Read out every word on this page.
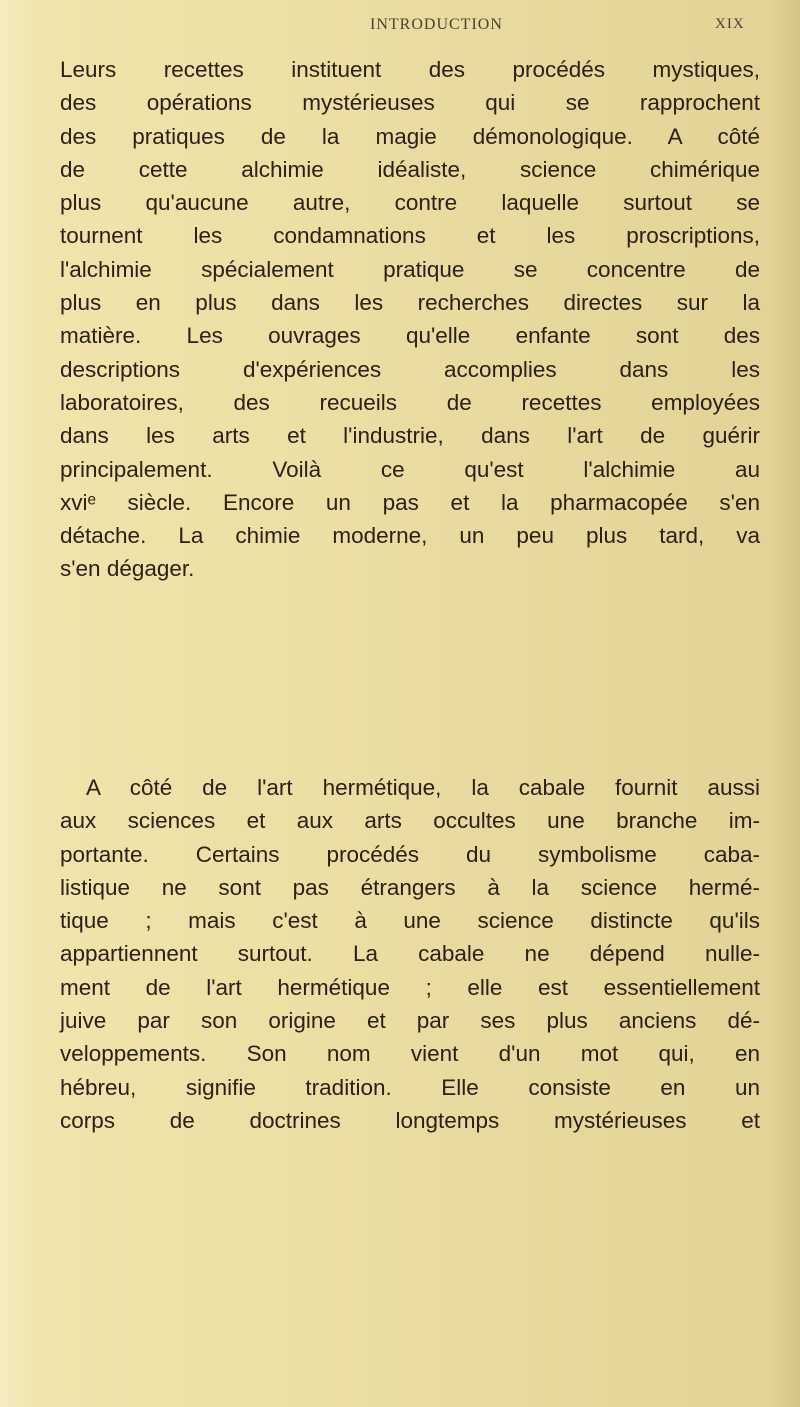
INTRODUCTION	XIX
Leurs recettes instituent des procédés mystiques,
des opérations mystérieuses qui se rapprochent
des pratiques de la magie démonologique. A côté
de cette alchimie idéaliste, science chimérique
plus qu'aucune autre, contre laquelle surtout se
tournent les condamnations et les proscriptions,
l'alchimie spécialement pratique se concentre de
plus en plus dans les recherches directes sur la
matière. Les ouvrages qu'elle enfante sont des
descriptions d'expériences accomplies dans les
laboratoires, des recueils de recettes employées
dans les arts et l'industrie, dans l'art de guérir
principalement. Voilà ce qu'est l'alchimie au
xviᵉ siècle. Encore un pas et la pharmacopée s'en
détache. La chimie moderne, un peu plus tard, va
s'en dégager.
A côté de l'art hermétique, la cabale fournit aussi
aux sciences et aux arts occultes une branche im-
portante. Certains procédés du symbolisme caba-
listique ne sont pas étrangers à la science hermé-
tique ; mais c'est à une science distincte qu'ils
appartiennent surtout. La cabale ne dépend nulle-
ment de l'art hermétique ; elle est essentiellement
juive par son origine et par ses plus anciens dé-
veloppements. Son nom vient d'un mot qui, en
hébreu, signifie tradition. Elle consiste en un
corps de doctrines longtemps mystérieuses et
